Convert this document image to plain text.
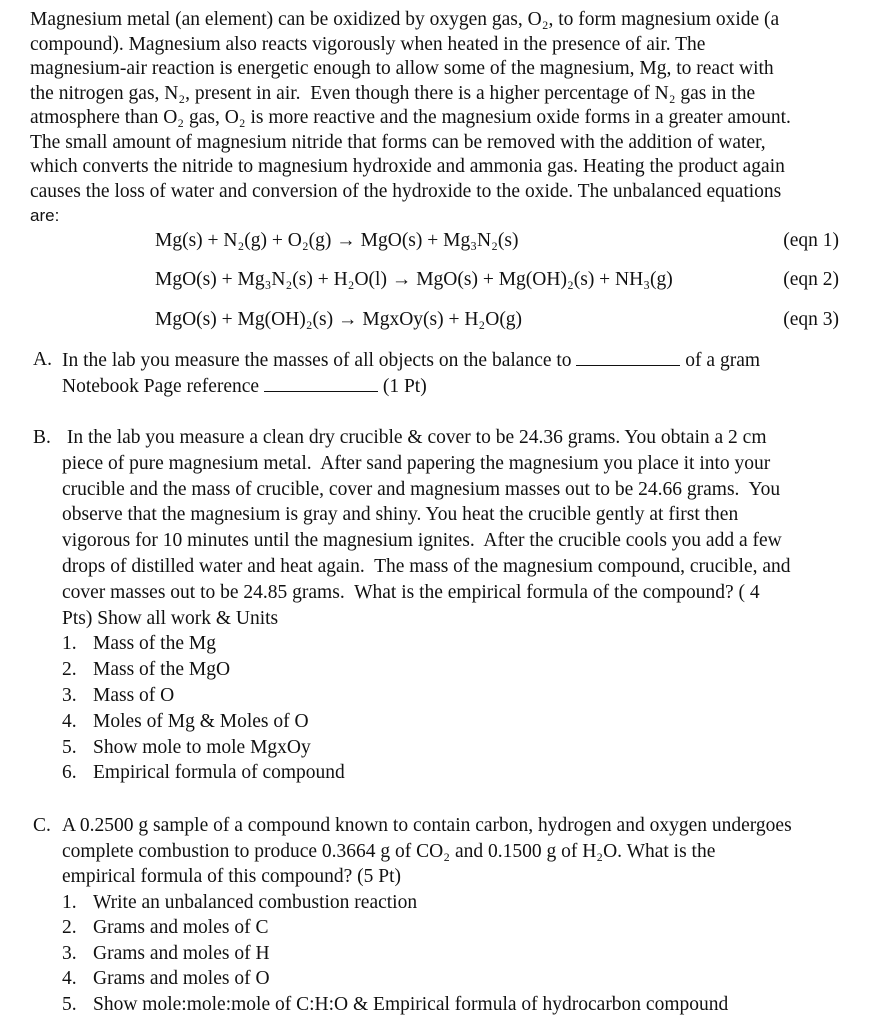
Magnesium metal (an element) can be oxidized by oxygen gas, O₂, to form magnesium oxide (a
compound). Magnesium also reacts vigorously when heated in the presence of air. The
magnesium-air reaction is energetic enough to allow some of the magnesium, Mg, to react with
the nitrogen gas, N₂, present in air.  Even though there is a higher percentage of N₂ gas in the
atmosphere than O₂ gas, O₂ is more reactive and the magnesium oxide forms in a greater amount.
The small amount of magnesium nitride that forms can be removed with the addition of water,
which converts the nitride to magnesium hydroxide and ammonia gas. Heating the product again
causes the loss of water and conversion of the hydroxide to the oxide. The unbalanced equations
are:
Mg(s) + N₂(g) + O₂(g) → MgO(s) + Mg₃N₂(s)	(eqn 1)
MgO(s) + Mg₃N₂(s) + H₂O(l) → MgO(s) + Mg(OH)₂(s) + NH₃(g)	(eqn 2)
MgO(s) + Mg(OH)₂(s) → MgxOy(s) + H₂O(g)	(eqn 3)
A. In the lab you measure the masses of all objects on the balance to	of a gram
Notebook Page reference	(1 Pt)
B. In the lab you measure a clean dry crucible & cover to be 24.36 grams. You obtain a 2 cm
piece of pure magnesium metal.  After sand papering the magnesium you place it into your
crucible and the mass of crucible, cover and magnesium masses out to be 24.66 grams.  You
observe that the magnesium is gray and shiny. You heat the crucible gently at first then
vigorous for 10 minutes until the magnesium ignites.  After the crucible cools you add a few
drops of distilled water and heat again.  The mass of the magnesium compound, crucible, and
cover masses out to be 24.85 grams.  What is the empirical formula of the compound? ( 4
Pts) Show all work & Units
1. Mass of the Mg
2. Mass of the MgO
3. Mass of O
4. Moles of Mg & Moles of O
5. Show mole to mole MgxOy
6. Empirical formula of compound
C. A 0.2500 g sample of a compound known to contain carbon, hydrogen and oxygen undergoes
complete combustion to produce 0.3664 g of CO₂ and 0.1500 g of H₂O. What is the
empirical formula of this compound? (5 Pt)
1. Write an unbalanced combustion reaction
2. Grams and moles of C
3. Grams and moles of H
4. Grams and moles of O
5. Show mole:mole:mole of C:H:O & Empirical formula of hydrocarbon compound
